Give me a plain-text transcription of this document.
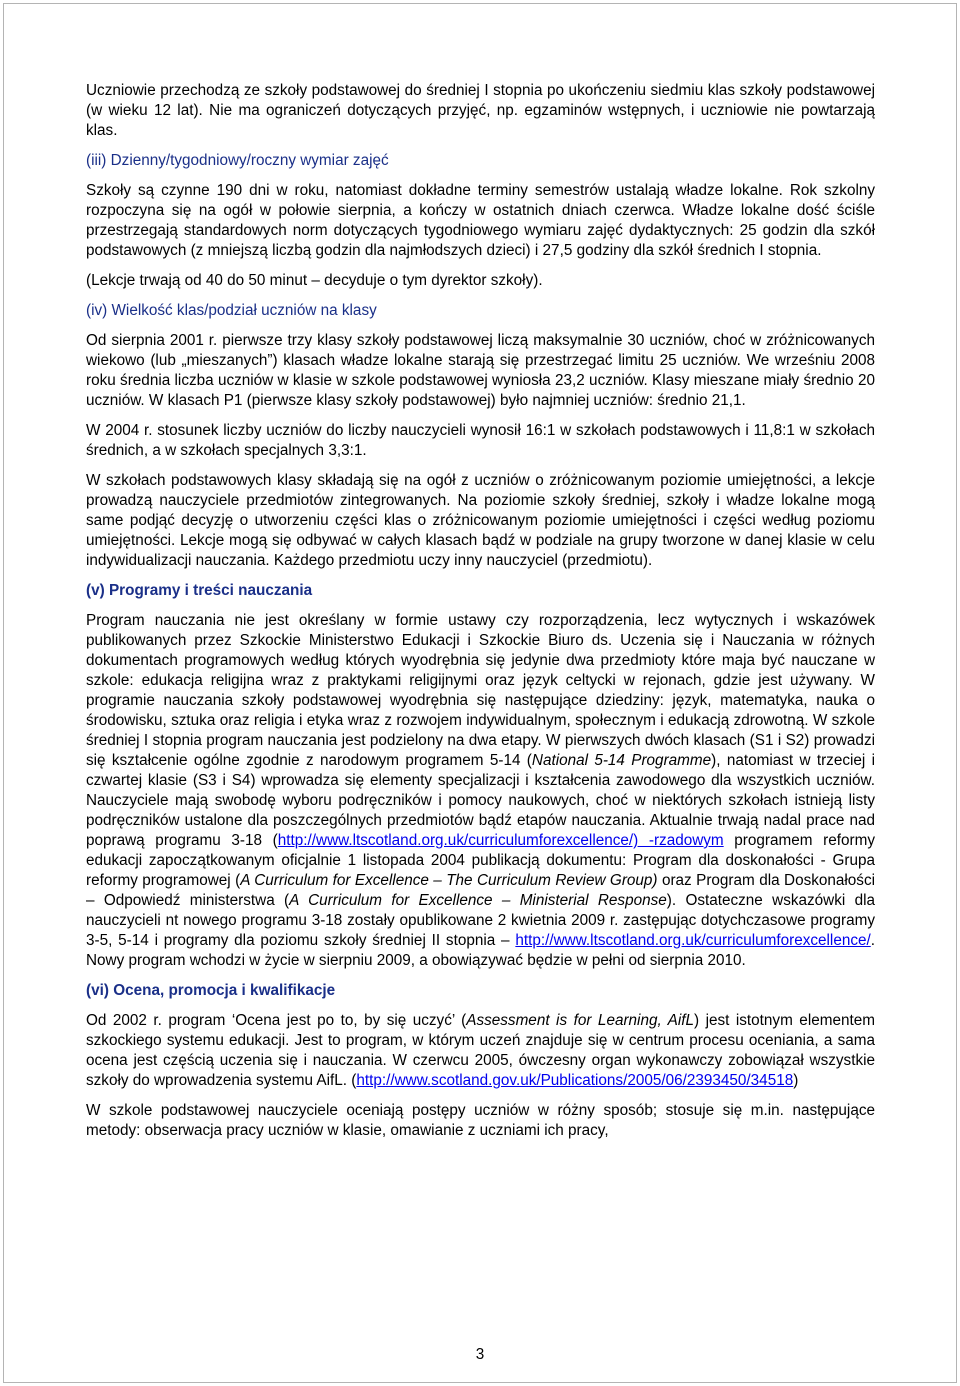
Uczniowie przechodzą ze szkoły podstawowej do średniej I stopnia po ukończeniu siedmiu klas szkoły podstawowej (w wieku 12 lat). Nie ma ograniczeń dotyczących przyjęć, np. egzaminów wstępnych, i uczniowie nie powtarzają klas.

(iii) Dzienny/tygodniowy/roczny wymiar zajęć

Szkoły są czynne 190 dni w roku, natomiast dokładne terminy semestrów ustalają władze lokalne. Rok szkolny rozpoczyna się na ogół w połowie sierpnia, a kończy w ostatnich dniach czerwca. Władze lokalne dość ściśle przestrzegają standardowych norm dotyczących tygodniowego wymiaru zajęć dydaktycznych: 25 godzin dla szkół podstawowych (z mniejszą liczbą godzin dla najmłodszych dzieci) i 27,5 godziny dla szkół średnich I stopnia.

(Lekcje trwają od 40 do 50 minut – decyduje o tym dyrektor szkoły).

(iv) Wielkość klas/podział uczniów na klasy

Od sierpnia 2001 r. pierwsze trzy klasy szkoły podstawowej liczą maksymalnie 30 uczniów, choć w zróżnicowanych wiekowo (lub „mieszanych”) klasach władze lokalne starają się przestrzegać limitu 25 uczniów. We wrześniu 2008 roku średnia liczba uczniów w klasie w szkole podstawowej wyniosła 23,2 uczniów. Klasy mieszane miały średnio 20 uczniów. W klasach P1 (pierwsze klasy szkoły podstawowej) było najmniej uczniów: średnio 21,1.

W 2004 r. stosunek liczby uczniów do liczby nauczycieli wynosił 16:1 w szkołach podstawowych i 11,8:1 w szkołach średnich, a w szkołach specjalnych 3,3:1.

W szkołach podstawowych klasy składają się na ogół z uczniów o zróżnicowanym poziomie umiejętności, a lekcje prowadzą nauczyciele przedmiotów zintegrowanych. Na poziomie szkoły średniej, szkoły i władze lokalne mogą same podjąć decyzję o utworzeniu części klas o zróżnicowanym poziomie umiejętności i części według poziomu umiejętności. Lekcje mogą się odbywać w całych klasach bądź w podziale na grupy tworzone w danej klasie w celu indywidualizacji nauczania. Każdego przedmiotu uczy inny nauczyciel (przedmiotu).

(v) Programy i treści nauczania

Program nauczania nie jest określany w formie ustawy czy rozporządzenia, lecz wytycznych i wskazówek publikowanych przez Szkockie Ministerstwo Edukacji i Szkockie Biuro ds. Uczenia się i Nauczania w różnych dokumentach programowych według których wyodrębnia się jedynie dwa przedmioty które maja być nauczane w szkole: edukacja religijna wraz z praktykami religijnymi oraz język celtycki w rejonach, gdzie jest używany. W programie nauczania szkoły podstawowej wyodrębnia się następujące dziedziny: język, matematyka, nauka o środowisku, sztuka oraz religia i etyka wraz z rozwojem indywidualnym, społecznym i edukacją zdrowotną. W szkole średniej I stopnia program nauczania jest podzielony na dwa etapy. W pierwszych dwóch klasach (S1 i S2) prowadzi się kształcenie ogólne zgodnie z narodowym programem 5-14 (National 5-14 Programme), natomiast w trzeciej i czwartej klasie (S3 i S4) wprowadza się elementy specjalizacji i kształcenia zawodowego dla wszystkich uczniów. Nauczyciele mają swobodę wyboru podręczników i pomocy naukowych, choć w niektórych szkołach istnieją listy podręczników ustalone dla poszczególnych przedmiotów bądź etapów nauczania. Aktualnie trwają nadal prace nad poprawą programu 3-18 (http://www.ltscotland.org.uk/curriculumforexcellence/) -rzadowym programem reformy edukacji zapoczątkowanym oficjalnie 1 listopada 2004 publikacją dokumentu: Program dla doskonałości - Grupa reformy programowej (A Curriculum for Excellence – The Curriculum Review Group) oraz Program dla Doskonałości – Odpowiedź ministerstwa (A Curriculum for Excellence – Ministerial Response). Ostateczne wskazówki dla nauczycieli nt nowego programu 3-18 zostały opublikowane 2 kwietnia 2009 r. zastępując dotychczasowe programy 3-5, 5-14 i programy dla poziomu szkoły średniej II stopnia – http://www.ltscotland.org.uk/curriculumforexcellence/. Nowy program wchodzi w życie w sierpniu 2009, a obowiązywać będzie w pełni od sierpnia 2010.

(vi) Ocena, promocja i kwalifikacje

Od 2002 r. program ‘Ocena jest po to, by się uczyć’ (Assessment is for Learning, AifL) jest istotnym elementem szkockiego systemu edukacji. Jest to program, w którym uczeń znajduje się w centrum procesu oceniania, a sama ocena jest częścią uczenia się i nauczania. W czerwcu 2005, ówczesny organ wykonawczy zobowiązał wszystkie szkoły do wprowadzenia systemu AifL. (http://www.scotland.gov.uk/Publications/2005/06/2393450/34518)

W szkole podstawowej nauczyciele oceniają postępy uczniów w różny sposób; stosuje się m.in. następujące metody: obserwacja pracy uczniów w klasie, omawianie z uczniami ich pracy,

3
